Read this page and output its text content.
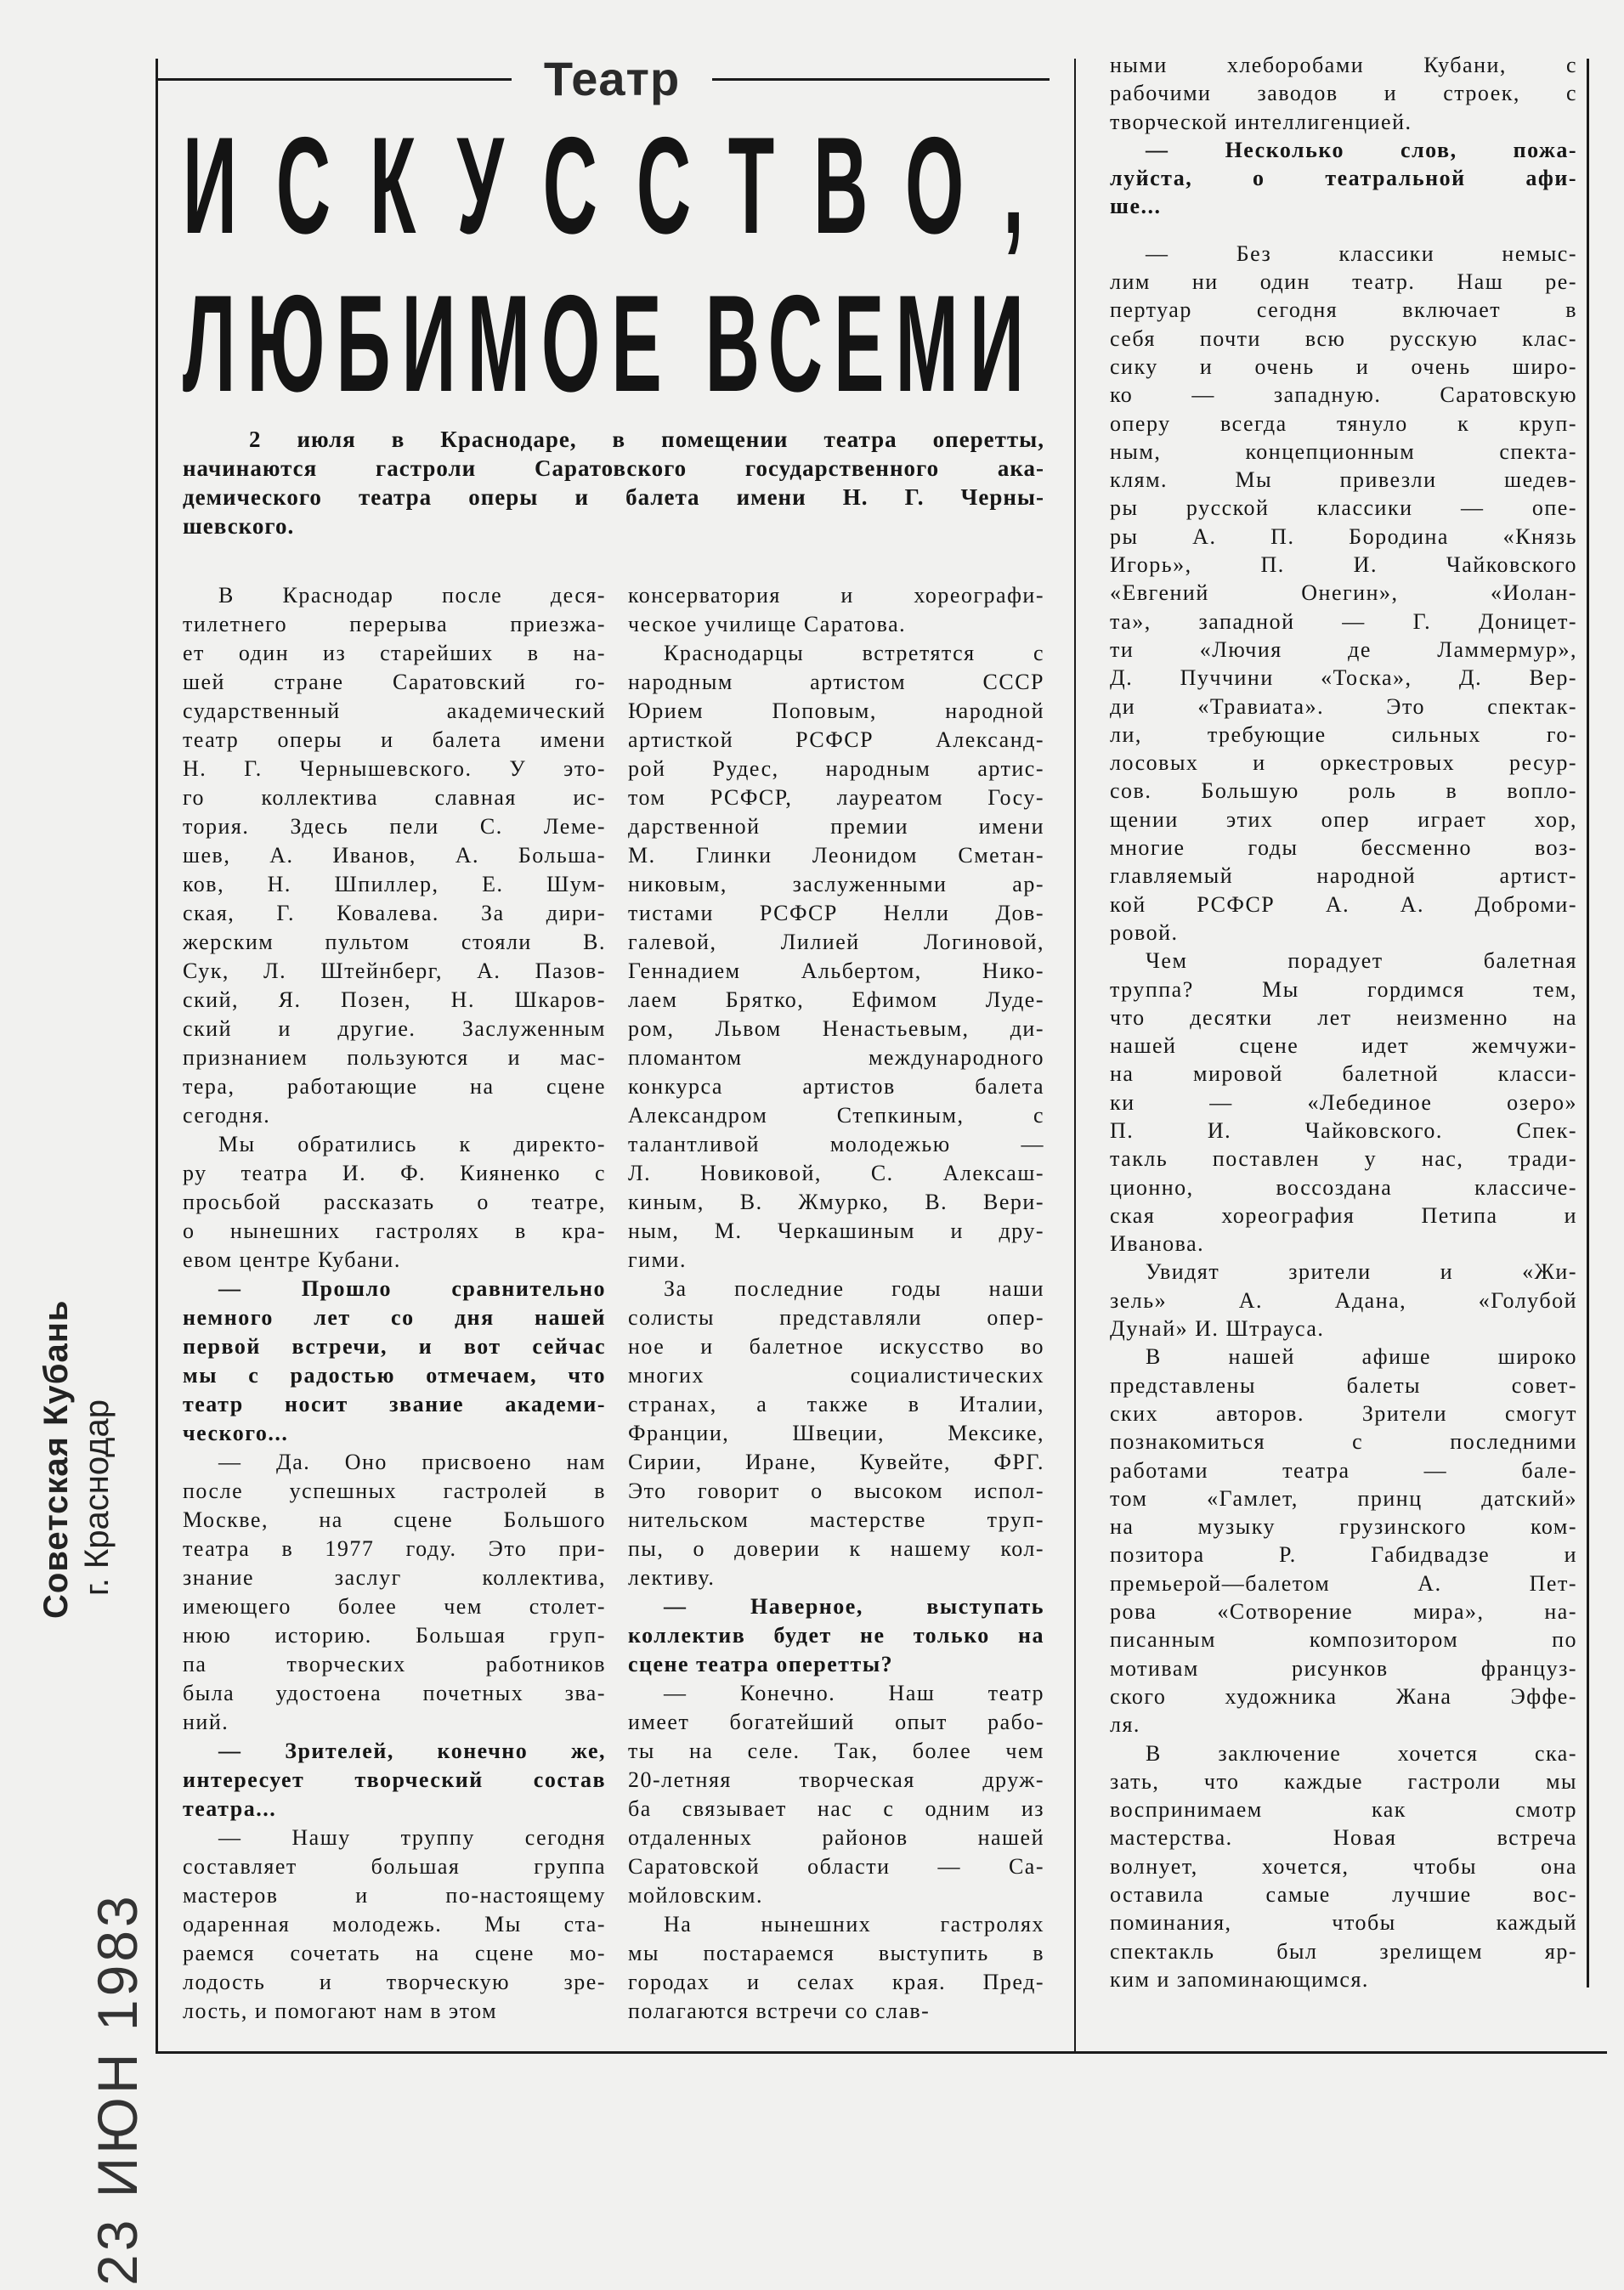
Театр
ИСКУССТВО,
ЛЮБИМОЕ ВСЕМИ
2 июля в Краснодаре, в помещении театра оперетты,
начинаются гастроли Саратовского государственного ака-
демического театра оперы и балета имени Н. Г. Черны-
шевского.
В Краснодар после деся-
тилетнего перерыва приезжа-
ет один из старейших в на-
шей стране Саратовский го-
сударственный академический
театр оперы и балета имени
Н. Г. Чернышевского. У это-
го коллектива славная ис-
тория. Здесь пели С. Леме-
шев, А. Иванов, А. Больша-
ков, Н. Шпиллер, Е. Шум-
ская, Г. Ковалева. За дири-
жерским пультом стояли В.
Сук, Л. Штейнберг, А. Пазов-
ский, Я. Позен, Н. Шкаров-
ский и другие. Заслуженным
признанием пользуются и мас-
тера, работающие на сцене
сегодня.
Мы обратились к директо-
ру театра И. Ф. Кияненко с
просьбой рассказать о театре,
о нынешних гастролях в кра-
евом центре Кубани.
— Прошло сравнительно
немного лет со дня нашей
первой встречи, и вот сейчас
мы с радостью отмечаем, что
театр носит звание академи-
ческого...
— Да. Оно присвоено нам
после успешных гастролей в
Москве, на сцене Большого
театра в 1977 году. Это при-
знание заслуг коллектива,
имеющего более чем столет-
нюю историю. Большая груп-
па творческих работников
была удостоена почетных зва-
ний.
— Зрителей, конечно же,
интересует творческий состав
театра...
— Нашу труппу сегодня
составляет большая группа
мастеров и по-настоящему
одаренная молодежь. Мы ста-
раемся сочетать на сцене мо-
лодость и творческую зре-
лость, и помогают нам в этом
консерватория и хореографи-
ческое училище Саратова.
Краснодарцы встретятся с
народным артистом СССР
Юрием Поповым, народной
артисткой РСФСР Александ-
рой Рудес, народным артис-
том РСФСР, лауреатом Госу-
дарственной премии имени
М. Глинки Леонидом Сметан-
никовым, заслуженными ар-
тистами РСФСР Нелли Дов-
галевой, Лилией Логиновой,
Геннадием Альбертом, Нико-
лаем Брятко, Ефимом Луде-
ром, Львом Ненастьевым, ди-
пломантом международного
конкурса артистов балета
Александром Степкиным, с
талантливой молодежью —
Л. Новиковой, С. Алексаш-
киным, В. Жмурко, В. Вери-
ным, М. Черкашиным и дру-
гими.
За последние годы наши
солисты представляли опер-
ное и балетное искусство во
многих социалистических
странах, а также в Италии,
Франции, Швеции, Мексике,
Сирии, Иране, Кувейте, ФРГ.
Это говорит о высоком испол-
нительском мастерстве труп-
пы, о доверии к нашему кол-
лективу.
— Наверное, выступать
коллектив будет не только на
сцене театра оперетты?
— Конечно. Наш театр
имеет богатейший опыт рабо-
ты на селе. Так, более чем
20-летняя творческая друж-
ба связывает нас с одним из
отдаленных районов нашей
Саратовской области — Са-
мойловским.
На нынешних гастролях
мы постараемся выступить в
городах и селах края. Пред-
полагаются встречи со слав-
ными хлеборобами Кубани, с
рабочими заводов и строек, с
творческой интеллигенцией.
— Несколько слов, пожа-
луйста, о театральной афи-
ше...
— Без классики немыс-
лим ни один театр. Наш ре-
пертуар сегодня включает в
себя почти всю русскую клас-
сику и очень и очень широ-
ко — западную. Саратовскую
оперу всегда тянуло к круп-
ным, концепционным спекта-
клям. Мы привезли шедев-
ры русской классики — опе-
ры А. П. Бородина «Князь
Игорь», П. И. Чайковского
«Евгений Онегин», «Иолан-
та», западной — Г. Доницет-
ти «Лючия де Ламмермур»,
Д. Пуччини «Тоска», Д. Вер-
ди «Травиата». Это спектак-
ли, требующие сильных го-
лосовых и оркестровых ресур-
сов. Большую роль в вопло-
щении этих опер играет хор,
многие годы бессменно воз-
главляемый народной артист-
кой РСФСР А. А. Доброми-
ровой.
Чем порадует балетная
труппа? Мы гордимся тем,
что десятки лет неизменно на
нашей сцене идет жемчужи-
на мировой балетной класси-
ки — «Лебединое озеро»
П. И. Чайковского. Спек-
такль поставлен у нас, тради-
ционно, воссоздана классиче-
ская хореография Петипа и
Иванова.
Увидят зрители и «Жи-
зель» А. Адана, «Голубой
Дунай» И. Штрауса.
В нашей афише широко
представлены балеты совет-
ских авторов. Зрители смогут
познакомиться с последними
работами театра — бале-
том «Гамлет, принц датский»
на музыку грузинского ком-
позитора Р. Габидвадзе и
премьерой—балетом А. Пет-
рова «Сотворение мира», на-
писанным композитором по
мотивам рисунков француз-
ского художника Жана Эффе-
ля.
В заключение хочется ска-
зать, что каждые гастроли мы
воспринимаем как смотр
мастерства. Новая встреча
волнует, хочется, чтобы она
оставила самые лучшие вос-
поминания, чтобы каждый
спектакль был зрелищем яр-
ким и запоминающимся.
Советская Кубань г. Краснодар
23 ИЮН 1983
